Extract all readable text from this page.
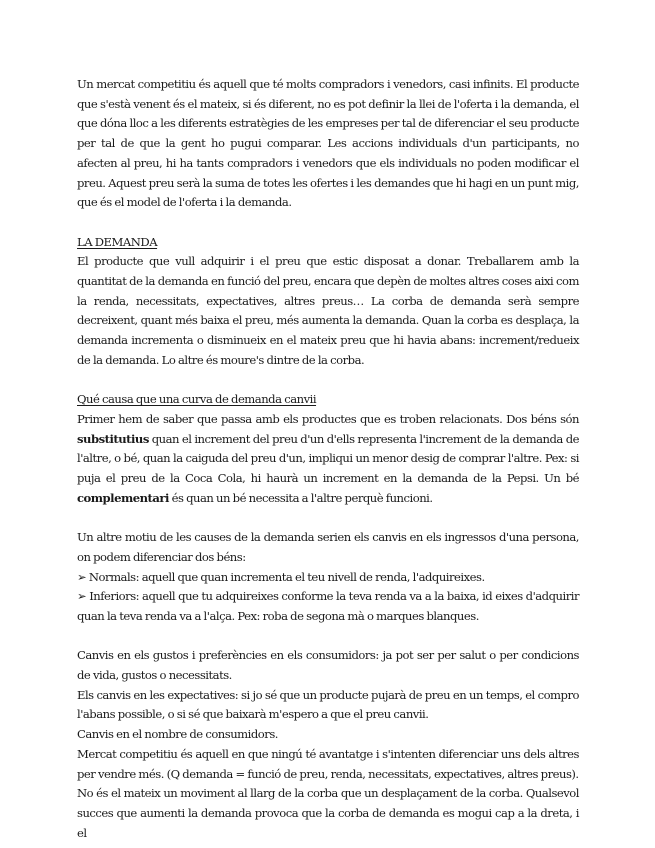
Un mercat competitiu és aquell que té molts compradors i venedors, casi infinits. El producte que s'està venent és el mateix, si és diferent, no es pot definir la llei de l'oferta i la demanda, el que dóna lloc a les diferents estratègies de les empreses per tal de diferenciar el seu producte per tal de que la gent ho pugui comparar. Les accions individuals d'un participants, no afecten al preu, hi ha tants compradors i venedors que els individuals no poden modificar el preu. Aquest preu serà la suma de totes les ofertes i les demandes que hi hagi en un punt mig, que és el model de l'oferta i la demanda.

LA DEMANDA

El producte que vull adquirir i el preu que estic disposat a donar. Treballarem amb la quantitat de la demanda en funció del preu, encara que depèn de moltes altres coses aixi com la renda, necessitats, expectatives, altres preus… La corba de demanda serà sempre decreixent, quant més baixa el preu, més aumenta la demanda. Quan la corba es desplaça, la demanda incrementa o disminueix en el mateix preu que hi havia abans: increment/redueix de la demanda. Lo altre és moure's dintre de la corba.

Qué causa que una curva de demanda canvii

Primer hem de saber que passa amb els productes que es troben relacionats. Dos béns són substitutius quan el increment del preu d'un d'ells representa l'increment de la demanda de l'altre, o bé, quan la caiguda del preu d'un, impliqui un menor desig de comprar l'altre. Pex: si puja el preu de la Coca Cola, hi haurà un increment en la demanda de la Pepsi. Un bé complementari és quan un bé necessita a l'altre perquè funcioni.

Un altre motiu de les causes de la demanda serien els canvis en els ingressos d'una persona, on podem diferenciar dos béns:

➢ Normals: aquell que quan incrementa el teu nivell de renda, l'adquireixes.

➢ Inferiors: aquell que tu adquireixes conforme la teva renda va a la baixa, id eixes d'adquirir quan la teva renda va a l'alça. Pex: roba de segona mà o marques blanques.

Canvis en els gustos i preferències en els consumidors: ja pot ser per salut o per condicions de vida, gustos o necessitats.

Els canvis en les expectatives: si jo sé que un producte pujarà de preu en un temps, el compro l'abans possible, o si sé que baixarà m'espero a que el preu canvii.

Canvis en el nombre de consumidors.

Mercat competitiu és aquell en que ningú té avantatge i s'intenten diferenciar uns dels altres per vendre més. (Q demanda = funció de preu, renda, necessitats, expectatives, altres preus).

No és el mateix un moviment al llarg de la corba que un desplaçament de la corba. Qualsevol succes que aumenti la demanda provoca que la corba de demanda es mogui cap a la dreta, i el
